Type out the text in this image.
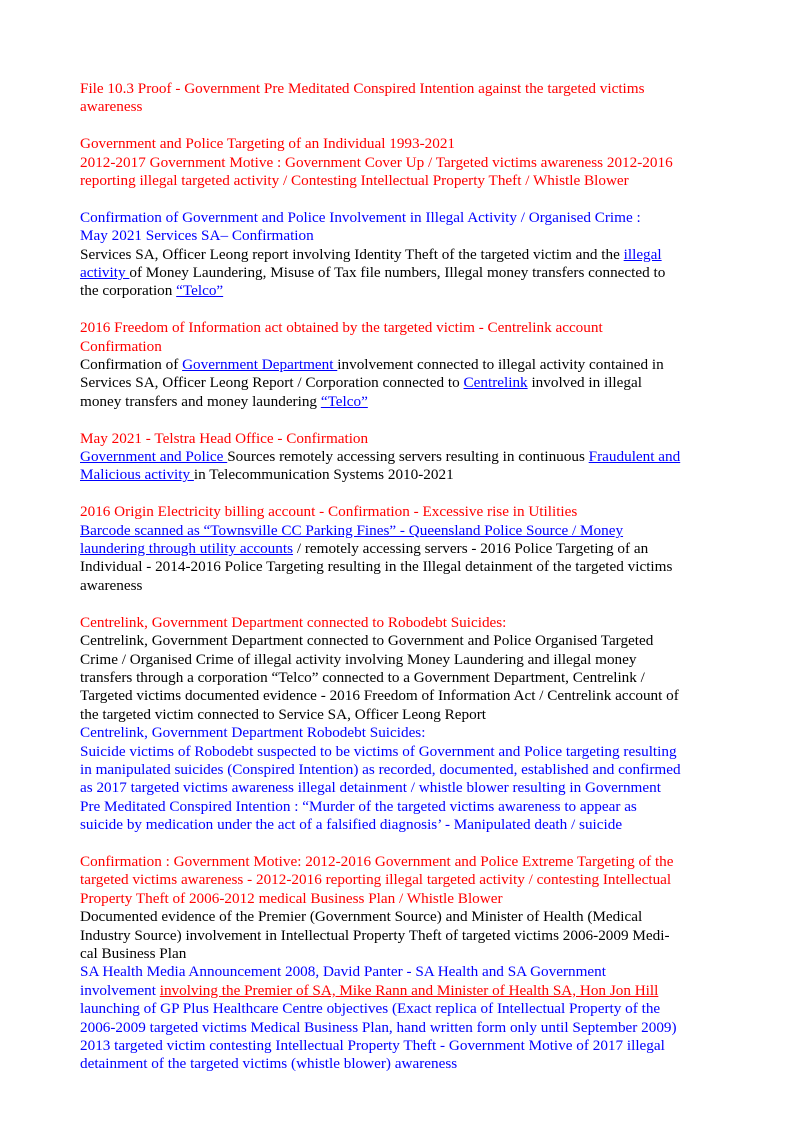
File 10.3 Proof - Government Pre Meditated Conspired Intention against the targeted victims
awareness
Government and Police Targeting of an Individual 1993-2021
2012-2017 Government Motive : Government Cover Up / Targeted victims awareness 2012-2016
reporting illegal targeted activity / Contesting Intellectual Property Theft / Whistle Blower
Confirmation of Government and Police Involvement in Illegal Activity / Organised Crime :
May 2021 Services SA– Confirmation
Services SA, Officer Leong report involving Identity Theft of the targeted victim and the illegal
activity of Money Laundering, Misuse of Tax file numbers, Illegal money transfers connected to
the corporation “Telco”
2016 Freedom of Information act obtained by the targeted victim - Centrelink account
Confirmation
Confirmation of Government Department involvement connected to illegal activity contained in
Services SA, Officer Leong Report / Corporation connected to Centrelink involved in illegal
money transfers and money laundering “Telco”
May 2021 - Telstra Head Office - Confirmation
Government and Police Sources remotely accessing servers resulting in continuous Fraudulent and
Malicious activity in Telecommunication Systems 2010-2021
2016 Origin Electricity billing account - Confirmation - Excessive rise in Utilities
Barcode scanned as “Townsville CC Parking Fines” - Queensland Police Source / Money
laundering through utility accounts / remotely accessing servers - 2016 Police Targeting of an
Individual - 2014-2016 Police Targeting resulting in the Illegal detainment of the targeted victims
awareness
Centrelink, Government Department connected to Robodebt Suicides:
Centrelink, Government Department connected to Government and Police Organised Targeted
Crime / Organised Crime of illegal activity involving Money Laundering and illegal money
transfers through a corporation “Telco” connected to a Government Department, Centrelink /
Targeted victims documented evidence - 2016 Freedom of Information Act / Centrelink account of
the targeted victim connected to Service SA, Officer Leong Report
Centrelink, Government Department Robodebt Suicides:
Suicide victims of Robodebt suspected to be victims of Government and Police targeting resulting
in manipulated suicides (Conspired Intention) as recorded, documented, established and confirmed
as 2017 targeted victims awareness illegal detainment / whistle blower resulting in Government
Pre Meditated Conspired Intention : “Murder of the targeted victims awareness to appear as
suicide by medication under the act of a falsified diagnosis’ - Manipulated death / suicide
Confirmation : Government Motive: 2012-2016 Government and Police Extreme Targeting of the
targeted victims awareness - 2012-2016 reporting illegal targeted activity / contesting Intellectual
Property Theft of 2006-2012 medical Business Plan / Whistle Blower
Documented evidence of the Premier (Government Source) and Minister of Health (Medical
Industry Source) involvement in Intellectual Property Theft of targeted victims 2006-2009 Medi-
cal Business Plan
SA Health Media Announcement 2008, David Panter - SA Health and SA Government
involvement involving the Premier of SA, Mike Rann and Minister of Health SA, Hon Jon Hill
launching of GP Plus Healthcare Centre objectives (Exact replica of Intellectual Property of the
2006-2009 targeted victims Medical Business Plan, hand written form only until September 2009)
2013 targeted victim contesting Intellectual Property Theft - Government Motive of 2017 illegal
detainment of the targeted victims (whistle blower) awareness
